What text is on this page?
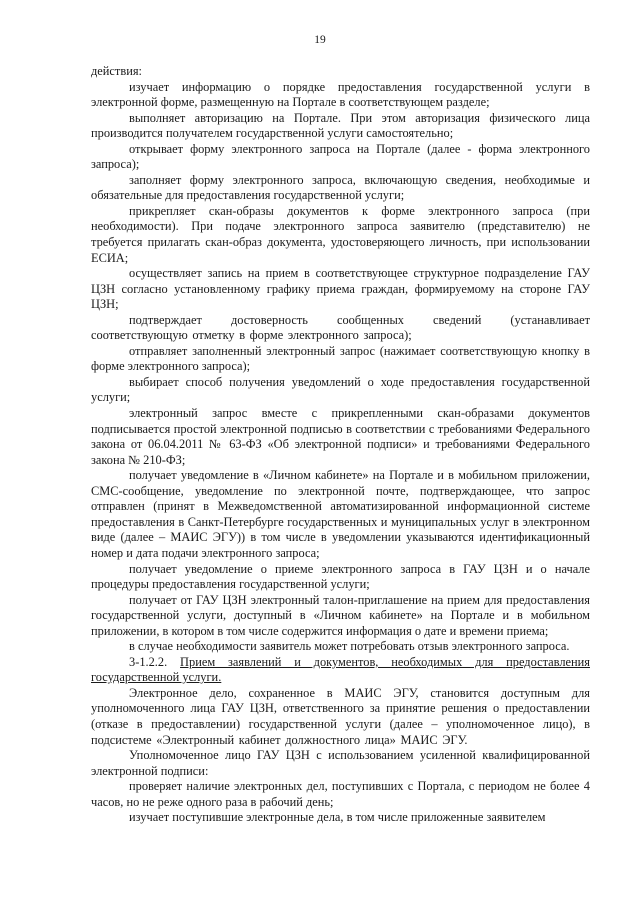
19

действия:

изучает информацию о порядке предоставления государственной услуги в электронной форме, размещенную на Портале в соответствующем разделе;

выполняет авторизацию на Портале. При этом авторизация физического лица производится получателем государственной услуги самостоятельно;

открывает форму электронного запроса на Портале (далее - форма электронного запроса);

заполняет форму электронного запроса, включающую сведения, необходимые и обязательные для предоставления государственной услуги;

прикрепляет скан-образы документов к форме электронного запроса (при необходимости). При подаче электронного запроса заявителю (представителю) не требуется прилагать скан-образ документа, удостоверяющего личность, при использовании ЕСИА;

осуществляет запись на прием в соответствующее структурное подразделение ГАУ ЦЗН согласно установленному графику приема граждан, формируемому на стороне ГАУ ЦЗН;

подтверждает достоверность сообщенных сведений (устанавливает соответствующую отметку в форме электронного запроса);

отправляет заполненный электронный запрос (нажимает соответствующую кнопку в форме электронного запроса);

выбирает способ получения уведомлений о ходе предоставления государственной услуги;

электронный запрос вместе с прикрепленными скан-образами документов подписывается простой электронной подписью в соответствии с требованиями Федерального закона от 06.04.2011 № 63-ФЗ «Об электронной подписи» и требованиями Федерального закона № 210-ФЗ;

получает уведомление в «Личном кабинете» на Портале и в мобильном приложении, СМС-сообщение, уведомление по электронной почте, подтверждающее, что запрос отправлен (принят в Межведомственной автоматизированной информационной системе предоставления в Санкт-Петербурге государственных и муниципальных услуг в электронном виде (далее – МАИС ЭГУ)) в том числе в уведомлении указываются идентификационный номер и дата подачи электронного запроса;

получает уведомление о приеме электронного запроса в ГАУ ЦЗН и о начале процедуры предоставления государственной услуги;

получает от ГАУ ЦЗН электронный талон-приглашение на прием для предоставления государственной услуги, доступный в «Личном кабинете» на Портале и в мобильном приложении, в котором в том числе содержится информация о дате и времени приема;

в случае необходимости заявитель может потребовать отзыв электронного запроса.

3-1.2.2. Прием заявлений и документов, необходимых для предоставления государственной услуги.

Электронное дело, сохраненное в МАИС ЭГУ, становится доступным для уполномоченного лица ГАУ ЦЗН, ответственного за принятие решения о предоставлении (отказе в предоставлении) государственной услуги (далее – уполномоченное лицо), в подсистеме «Электронный кабинет должностного лица» МАИС ЭГУ.

Уполномоченное лицо ГАУ ЦЗН с использованием усиленной квалифицированной электронной подписи:

проверяет наличие электронных дел, поступивших с Портала, с периодом не более 4 часов, но не реже одного раза в рабочий день;

изучает поступившие электронные дела, в том числе приложенные заявителем
